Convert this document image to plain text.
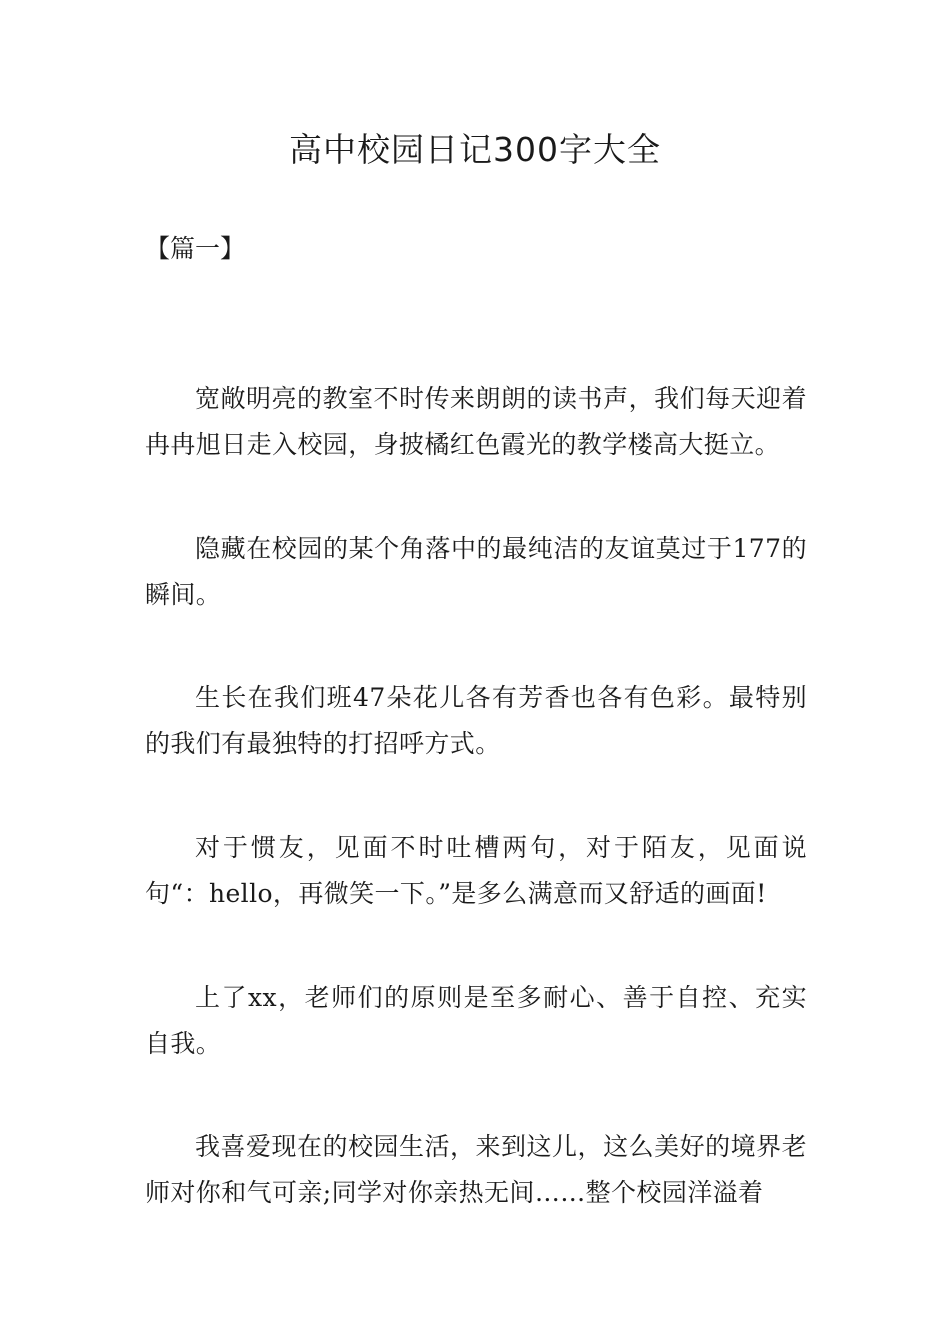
高中校园日记300字大全

【篇一】

宽敞明亮的教室不时传来朗朗的读书声，我们每天迎着冉冉旭日走入校园，身披橘红色霞光的教学楼高大挺立。

隐藏在校园的某个角落中的最纯洁的友谊莫过于177的瞬间。

生长在我们班47朵花儿各有芳香也各有色彩。最特别的我们有最独特的打招呼方式。

对于惯友，见面不时吐槽两句，对于陌友，见面说句“：hello，再微笑一下。”是多么满意而又舒适的画面!

上了xx，老师们的原则是至多耐心、善于自控、充实自我。

我喜爱现在的校园生活，来到这儿，这么美好的境界老师对你和气可亲;同学对你亲热无间……整个校园洋溢着
